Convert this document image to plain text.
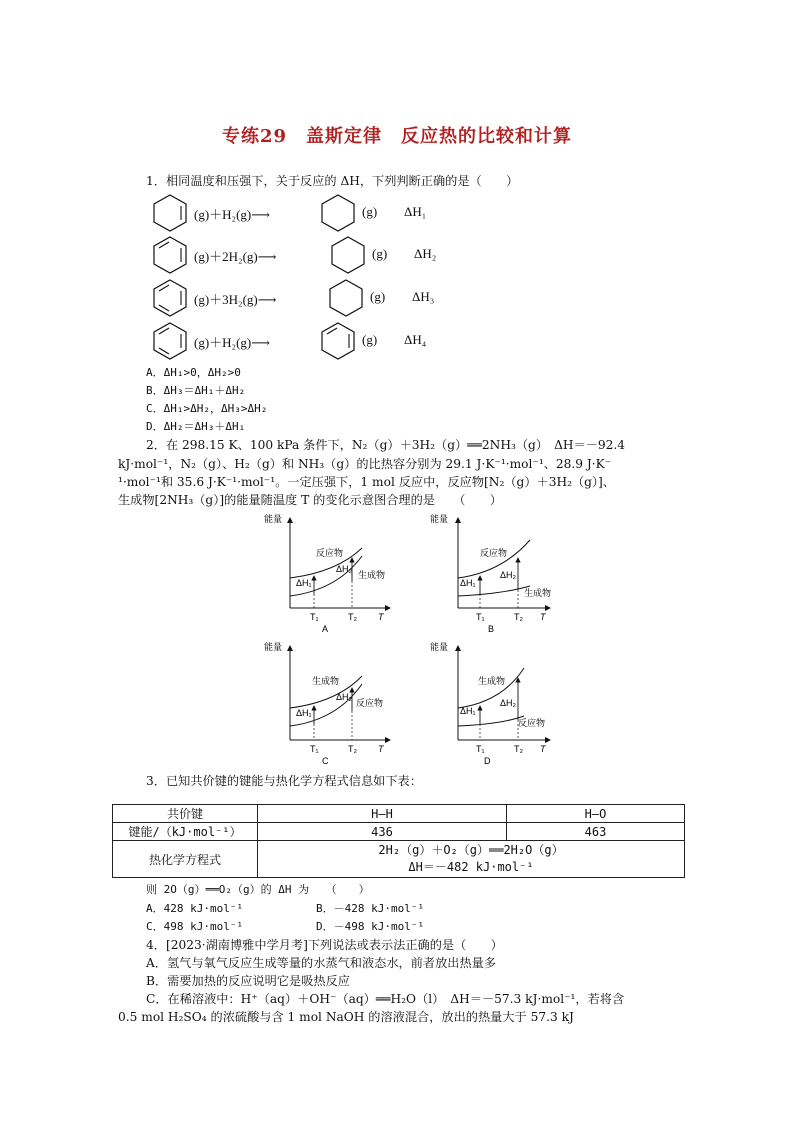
专练29　盖斯定律　反应热的比较和计算
1．相同温度和压强下，关于反应的 ΔH，下列判断正确的是（　　）
(g)＋H₂(g)⟶	(g) ΔH₁
(g)＋2H₂(g)⟶	(g) ΔH₂
(g)＋3H₂(g)⟶	(g) ΔH₃
(g)＋H₂(g)⟶	(g) ΔH₄
A．ΔH₁>0，ΔH₂>0
B．ΔH₃＝ΔH₁＋ΔH₂
C．ΔH₁>ΔH₂，ΔH₃>ΔH₂
D．ΔH₂＝ΔH₃＋ΔH₁
2．在 298.15 K、100 kPa 条件下，N₂（g）＋3H₂（g）══2NH₃（g）　ΔH＝－92.4
kJ·mol⁻¹，N₂（g）、H₂（g）和 NH₃（g）的比热容分别为 29.1 J·K⁻¹·mol⁻¹、28.9 J·K⁻
¹·mol⁻¹和 35.6 J·K⁻¹·mol⁻¹。一定压强下，1 mol 反应中，反应物[N₂（g）＋3H₂（g）]、
生成物[2NH₃（g）]的能量随温度 T 的变化示意图合理的是　　（　　）
能量
T
ΔH₁
ΔH₂
反应物
生成物
T₁	T₂
A
能量
T
ΔH₁
ΔH₂
反应物
生成物
T₁	T₂
B
能量
T
ΔH₁
ΔH₂
生成物
反应物
T₁	T₂
C
能量
T
ΔH₁
ΔH₂
生成物
反应物
T₁	T₂
D
3．已知共价键的键能与热化学方程式信息如下表：
共价键	H—H	H—O
键能/（kJ·mol⁻¹）	436	463
热化学方程式	2H₂（g）＋O₂（g）══2H₂O（g）
ΔH＝－482 kJ·mol⁻¹	
则 2O（g）══O₂（g）的 ΔH 为　　（　　）
A．428 kJ·mol⁻¹	B．－428 kJ·mol⁻¹
C．498 kJ·mol⁻¹	D．－498 kJ·mol⁻¹
4．[2023·湖南博雅中学月考]下列说法或表示法正确的是（　　）
A．氢气与氧气反应生成等量的水蒸气和液态水，前者放出热量多
B．需要加热的反应说明它是吸热反应
C．在稀溶液中：H⁺（aq）＋OH⁻（aq）══H₂O（l）　ΔH＝－57.3 kJ·mol⁻¹，若将含
0.5 mol H₂SO₄ 的浓硫酸与含 1 mol NaOH 的溶液混合，放出的热量大于 57.3 kJ
